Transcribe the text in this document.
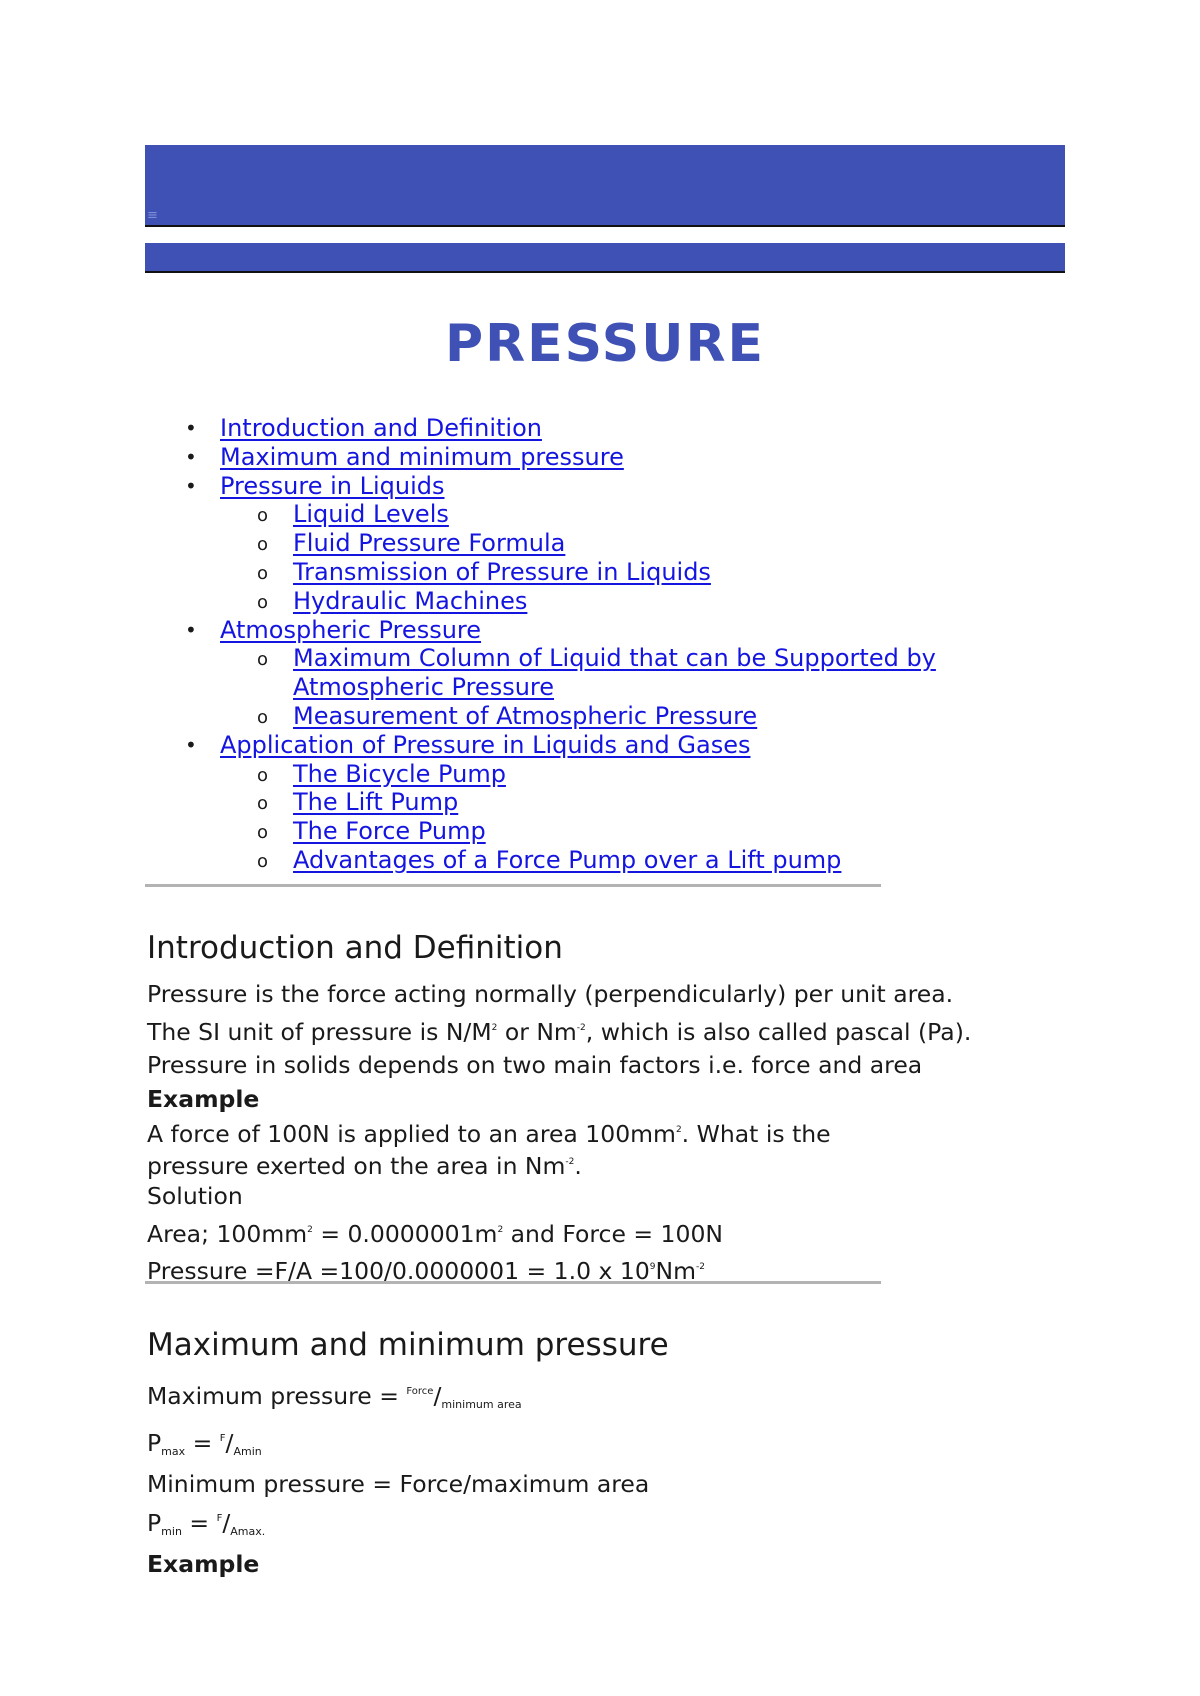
≡
PRESSURE
• Introduction and Definition
• Maximum and minimum pressure
• Pressure in Liquids
o Liquid Levels
o Fluid Pressure Formula
o Transmission of Pressure in Liquids
o Hydraulic Machines
• Atmospheric Pressure
o Maximum Column of Liquid that can be Supported by
Atmospheric Pressure
o Measurement of Atmospheric Pressure
• Application of Pressure in Liquids and Gases
o The Bicycle Pump
o The Lift Pump
o The Force Pump
o Advantages of a Force Pump over a Lift pump
Introduction and Definition

Pressure is the force acting normally (perpendicularly) per unit area.

The SI unit of pressure is $N/M^2$ or $Nm^{-2}$, which is also called pascal (Pa).

Pressure in solids depends on two main factors i.e. force and area

Example

A force of 100N is applied to an area $100mm^2$. What is the
pressure exerted on the area in $Nm^{-2}$.

Solution

Area; $100mm^2 = 0.0000001m^2$ and Force = 100N

Pressure =F/A =100/0.0000001 = 1.0 x $10^9Nm^{-2}$

Maximum and minimum pressure

Maximum pressure = $^{Force}/_{minimum area}$

$P_{max} = ^F/_{Amin}$

Minimum pressure = Force/maximum area

$P_{min} = ^F/_{Amax.}$

Example
